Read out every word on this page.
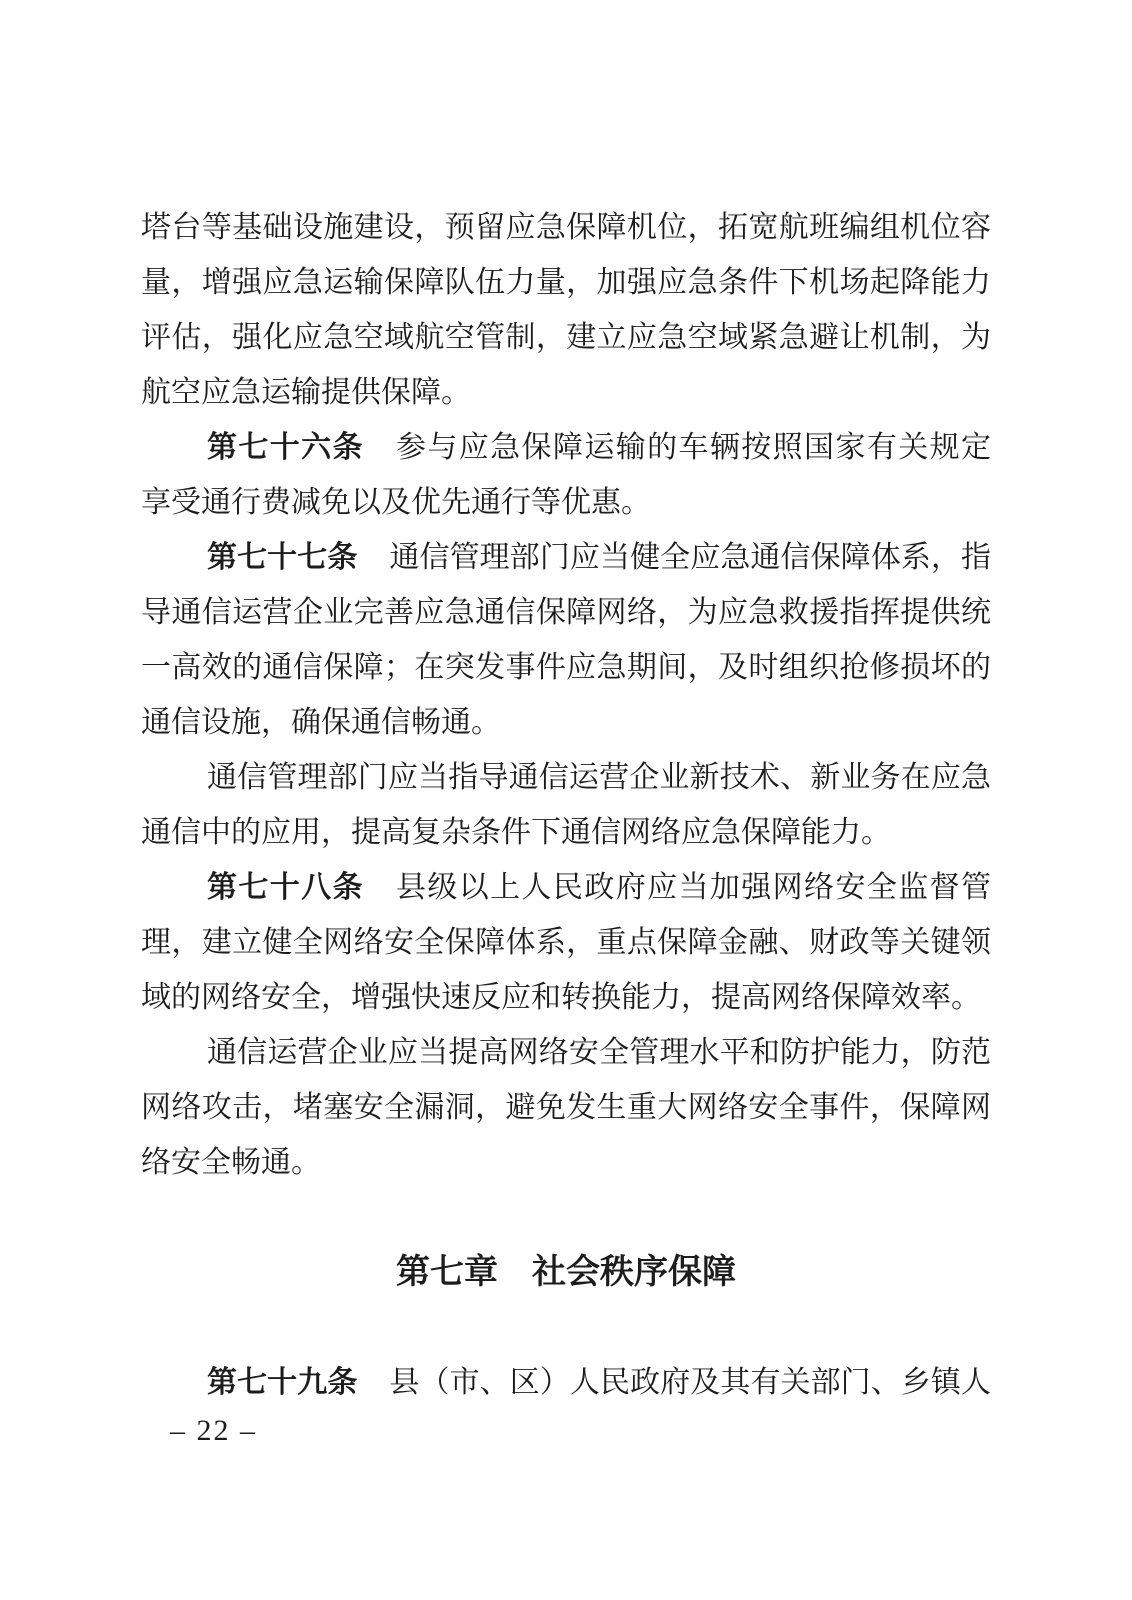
塔台等基础设施建设，预留应急保障机位，拓宽航班编组机位容
量，增强应急运输保障队伍力量，加强应急条件下机场起降能力
评估，强化应急空域航空管制，建立应急空域紧急避让机制，为
航空应急运输提供保障。
第七十六条 参与应急保障运输的车辆按照国家有关规定
享受通行费减免以及优先通行等优惠。
第七十七条 通信管理部门应当健全应急通信保障体系，指
导通信运营企业完善应急通信保障网络，为应急救援指挥提供统
一高效的通信保障；在突发事件应急期间，及时组织抢修损坏的
通信设施，确保通信畅通。
通信管理部门应当指导通信运营企业新技术、新业务在应急
通信中的应用，提高复杂条件下通信网络应急保障能力。
第七十八条 县级以上人民政府应当加强网络安全监督管
理，建立健全网络安全保障体系，重点保障金融、财政等关键领
域的网络安全，增强快速反应和转换能力，提高网络保障效率。
通信运营企业应当提高网络安全管理水平和防护能力，防范
网络攻击，堵塞安全漏洞，避免发生重大网络安全事件，保障网
络安全畅通。
第七章　社会秩序保障
第七十九条 县（市、区）人民政府及其有关部门、乡镇人
– 22 –
